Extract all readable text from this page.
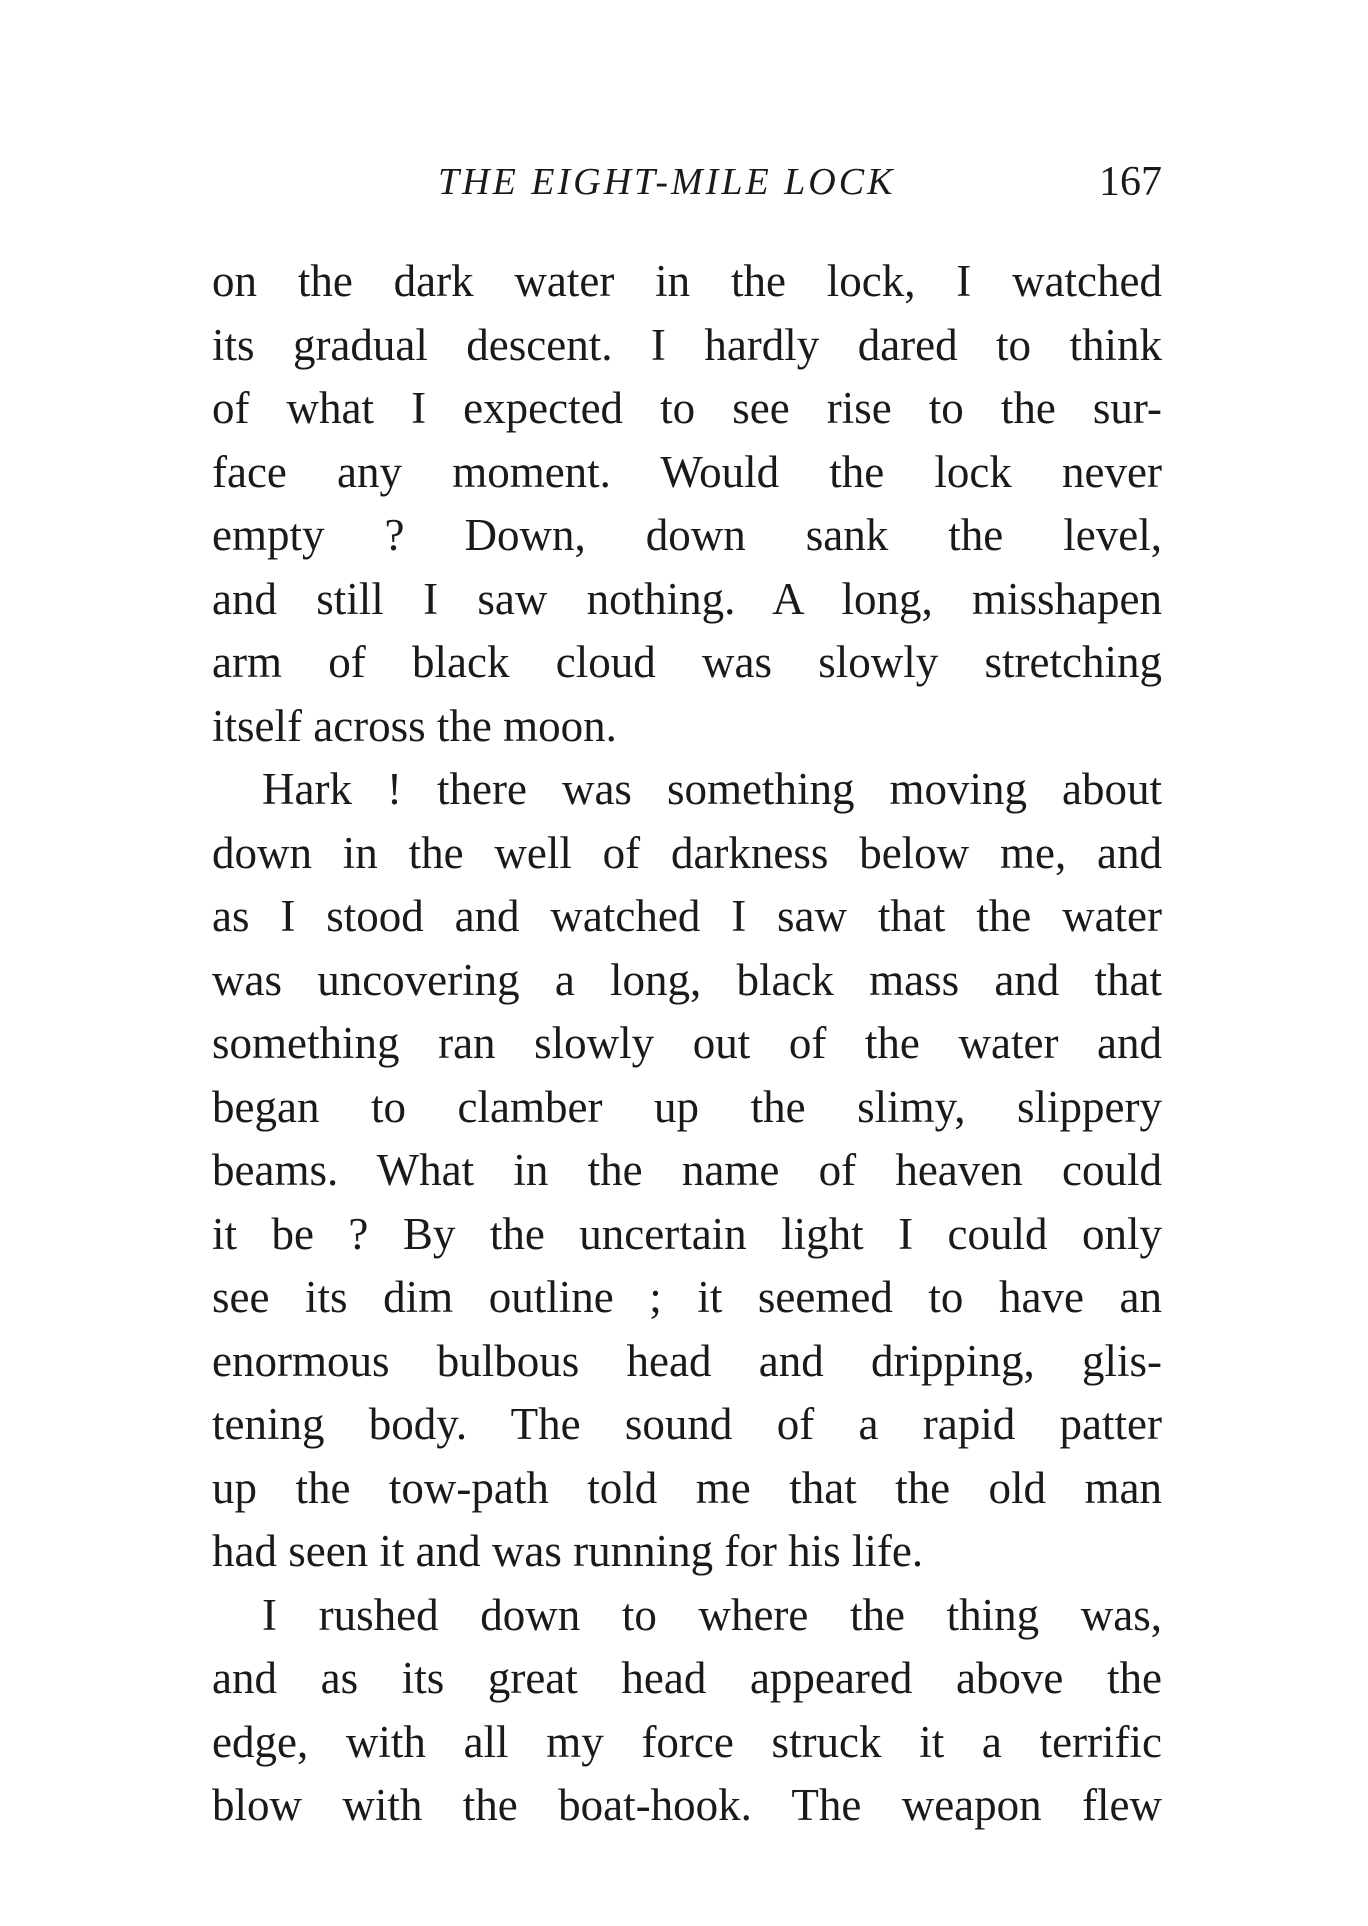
THE EIGHT-MILE LOCK	167
on the dark water in the lock, I watched
its gradual descent. I hardly dared to think
of what I expected to see rise to the sur-
face any moment. Would the lock never
empty ? Down, down sank the level,
and still I saw nothing. A long, misshapen
arm of black cloud was slowly stretching
itself across the moon.
Hark ! there was something moving about
down in the well of darkness below me, and
as I stood and watched I saw that the water
was uncovering a long, black mass and that
something ran slowly out of the water and
began to clamber up the slimy, slippery
beams. What in the name of heaven could
it be ? By the uncertain light I could only
see its dim outline ; it seemed to have an
enormous bulbous head and dripping, glis-
tening body. The sound of a rapid patter
up the tow-path told me that the old man
had seen it and was running for his life.
I rushed down to where the thing was,
and as its great head appeared above the
edge, with all my force struck it a terrific
blow with the boat-hook. The weapon flew
